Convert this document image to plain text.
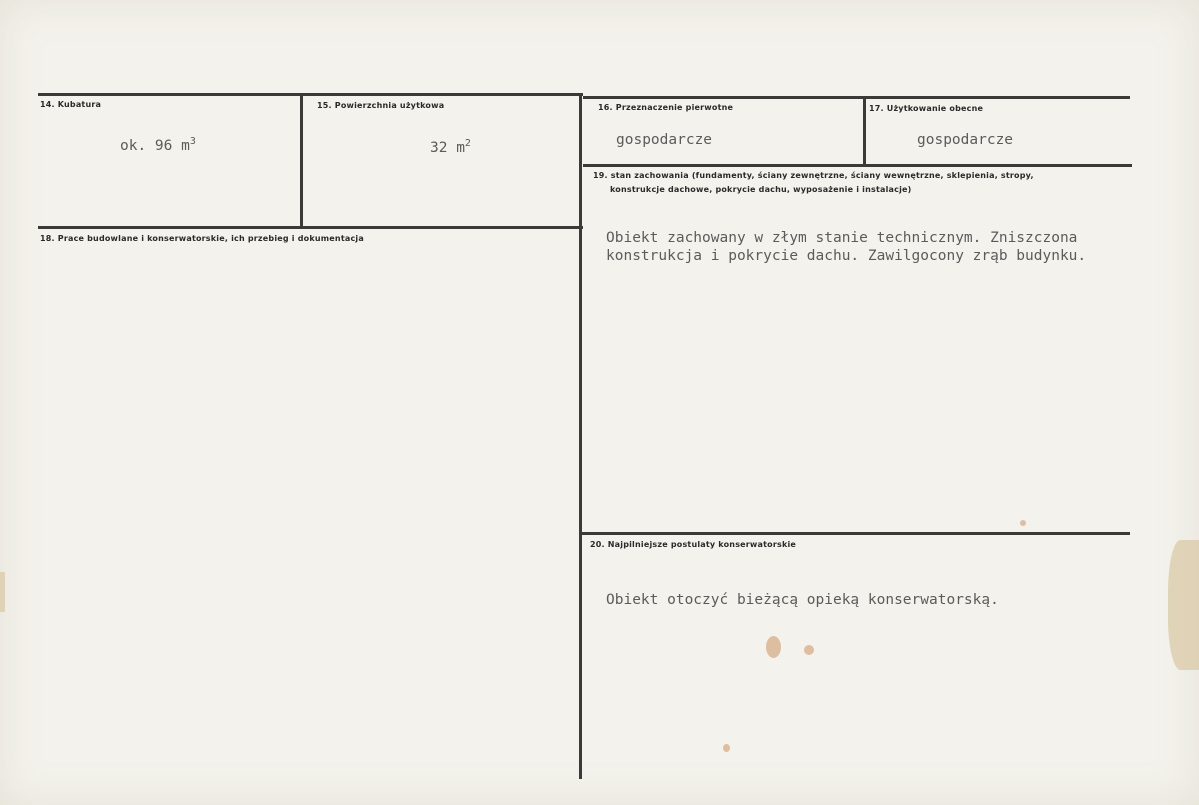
14. Kubatura
ok. 96 $m^3$
15. Powierzchnia użytkowa
32 $m^2$
16. Przeznaczenie pierwotne
gospodarcze
17. Użytkowanie obecne
gospodarcze
18. Prace budowlane i konserwatorskie, ich przebieg i dokumentacja
19. stan zachowania (fundamenty, ściany zewnętrzne, ściany wewnętrzne, sklepienia, stropy,
konstrukcje dachowe, pokrycie dachu, wyposażenie i instalacje)
Obiekt zachowany w złym stanie technicznym. Zniszczona
konstrukcja i pokrycie dachu. Zawilgocony zrąb budynku.
20. Najpilniejsze postulaty konserwatorskie
Obiekt otoczyć bieżącą opieką konserwatorską.
